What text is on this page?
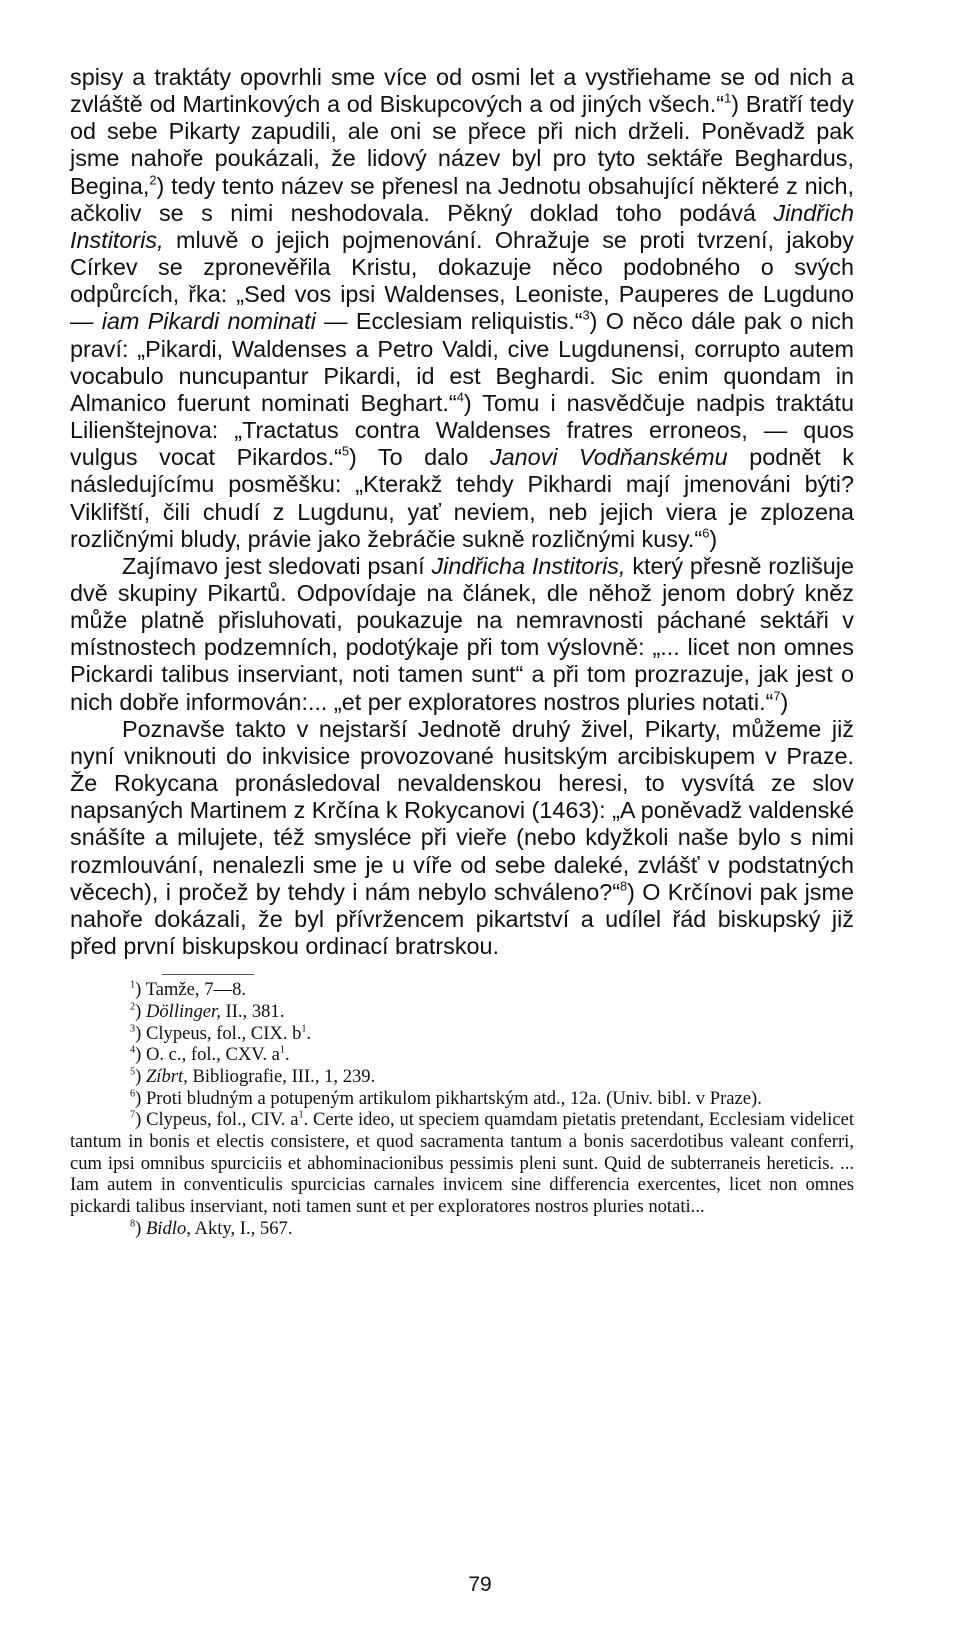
spisy a traktáty opovrhli sme více od osmi let a vystřiehame se od nich a zvláště od Martinkových a od Biskupcových a od jiných všech.“$^1$) Bratří tedy od sebe Pikarty zapudili, ale oni se přece při nich drželi. Poněvadž pak jsme nahoře poukázali, že lidový název byl pro tyto sektáře Beghardus, Begina,$^2$) tedy tento název se přenesl na Jednotu obsahující některé z nich, ačkoliv se s nimi neshodovala. Pěkný doklad toho podává Jindřich Institoris, mluvě o jejich pojmenování. Ohražuje se proti tvrzení, jakoby Církev se zpronevěřila Kristu, dokazuje něco podobného o svých odpůrcích, řka: „Sed vos ipsi Waldenses, Leoniste, Pauperes de Lugduno — iam Pikardi nominati — Ecclesiam reliquistis.“$^3$) O něco dále pak o nich praví: „Pikardi, Waldenses a Petro Valdi, cive Lugdunensi, corrupto autem vocabulo nuncupantur Pikardi, id est Beghardi. Sic enim quondam in Almanico fuerunt nominati Beghart.“$^4$) Tomu i nasvědčuje nadpis traktátu Lilienštejnova: „Tractatus contra Waldenses fratres erroneos, — quos vulgus vocat Pikardos.“$^5$) To dalo Janovi Vodňanskému podnět k následujícímu posměšku: „Kterakž tehdy Pikhardi mají jmenováni býti? Viklifští, čili chudí z Lugdunu, yať neviem, neb jejich viera je zplozena rozličnými bludy, právie jako žebráčie sukně rozličnými kusy.“$^6$)

Zajímavo jest sledovati psaní Jindřicha Institoris, který přesně rozlišuje dvě skupiny Pikartů. Odpovídaje na článek, dle něhož jenom dobrý kněz může platně přisluhovati, poukazuje na nemravnosti páchané sektáři v místnostech podzemních, podotýkaje při tom výslovně: „... licet non omnes Pickardi talibus inserviant, noti tamen sunt“ a při tom prozrazuje, jak jest o nich dobře informován:... „et per exploratores nostros pluries notati.“$^7$)

Poznavše takto v nejstarší Jednotě druhý živel, Pikarty, můžeme již nyní vniknouti do inkvisice provozované husitským arcibiskupem v Praze. Že Rokycana pronásledoval nevaldenskou heresi, to vysvítá ze slov napsaných Martinem z Krčína k Rokycanovi (1463): „A poněvadž valdenské snášíte a milujete, též smysléce při vieře (nebo kdyžkoli naše bylo s nimi rozmlouvání, nenalezli sme je u víře od sebe daleké, zvlášť v podstatných věcech), i pročež by tehdy i nám nebylo schváleno?“$^8$) O Krčínovi pak jsme nahoře dokázali, že byl přívržencem pikartství a udílel řád biskupský již před první biskupskou ordinací bratrskou.

$^1$) Tamže, 7—8.

$^2$) Döllinger, II., 381.

$^3$) Clypeus, fol., CIX. $b^1$.

$^4$) O. c., fol., CXV. $a^1$.

$^5$) Zíbrt, Bibliografie, III., 1, 239.

$^6$) Proti bludným a potupeným artikulom pikhartským atd., 12a. (Univ. bibl. v Praze).

$^7$) Clypeus, fol., CIV. $a^1$. Certe ideo, ut speciem quamdam pietatis pretendant, Ecclesiam videlicet tantum in bonis et electis consistere, et quod sacramenta tantum a bonis sacerdotibus valeant conferri, cum ipsi omnibus spurciciis et abhominacionibus pessimis pleni sunt. Quid de subterraneis hereticis. ... Iam autem in conventiculis spurcicias carnales invicem sine differencia exercentes, licet non omnes pickardi talibus inserviant, noti tamen sunt et per exploratores nostros pluries notati...

$^8$) Bidlo, Akty, I., 567.

79
